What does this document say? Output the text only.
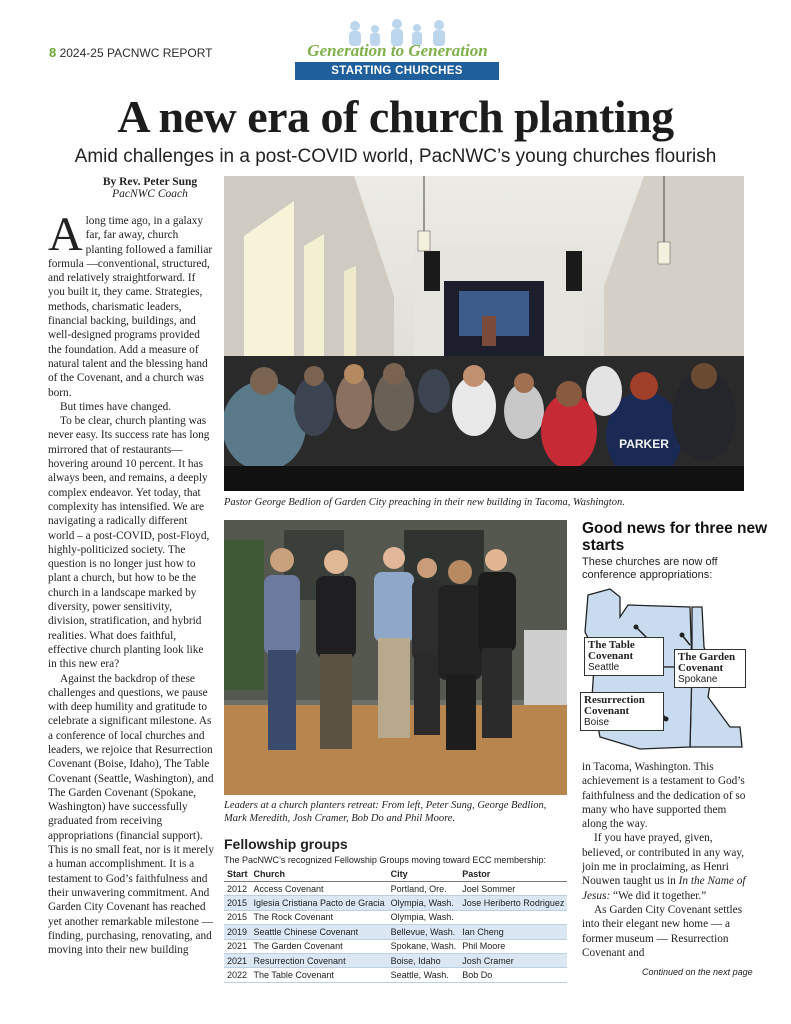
8 2024-25 PACNWC REPORT	Generation to Generation
STARTING CHURCHES
A new era of church planting
Amid challenges in a post-COVID world, PacNWC’s young churches flourish
By Rev. Peter Sung
PacNWC Coach

Along time ago, in a galaxy far, far away, church planting followed a familiar formula —conventional, structured, and relatively straightforward. If you built it, they came. Strategies, methods, charismatic leaders, financial backing, buildings, and well-designed programs provided the foundation. Add a measure of natural talent and the blessing hand of the Covenant, and a church was born.

But times have changed.

To be clear, church planting was never easy. Its success rate has long mirrored that of restaurants—hovering around 10 percent. It has always been, and remains, a deeply complex endeavor. Yet today, that complexity has intensified. We are navigating a radically different world – a post-COVID, post-Floyd, highly-politicized society. The question is no longer just how to plant a church, but how to be the church in a landscape marked by diversity, power sensitivity, division, stratification, and hybrid realities. What does faithful, effective church planting look like in this new era?

Against the backdrop of these challenges and questions, we pause with deep humility and gratitude to celebrate a significant milestone. As a conference of local churches and leaders, we rejoice that Resurrection Covenant (Boise, Idaho), The Table Covenant (Seattle, Washington), and The Garden Covenant (Spokane, Washington) have successfully graduated from receiving appropriations (financial support). This is no small feat, nor is it merely a human accomplishment. It is a testament to God’s faithfulness and their unwavering commitment. And Garden City Covenant has reached yet another remarkable milestone — finding, purchasing, renovating, and moving into their new building

PARKER
Pastor George Bedlion of Garden City preaching in their new building in Tacoma, Washington.
Leaders at a church planters retreat: From left, Peter Sung, George Bedlion, Mark Meredith, Josh Cramer, Bob Do and Phil Moore.
Fellowship groups
The PacNWC’s recognized Fellowship Groups moving toward ECC membership:
Start	Church	City	Pastor
2012	Access Covenant	Portland, Ore.	Joel Sommer
2015	Iglesia Cristiana Pacto de Gracia	Olympia, Wash.	Jose Heriberto Rodriguez
2015	The Rock Covenant	Olympia, Wash.	
2019	Seattle Chinese Covenant	Bellevue, Wash.	Ian Cheng
2021	The Garden Covenant	Spokane, Wash.	Phil Moore
2021	Resurrection Covenant	Boise, Idaho	Josh Cramer
2022	The Table Covenant	Seattle, Wash.	Bob Do
Good news for three new starts
These churches are now off conference appropriations:
The Table Covenant
Seattle
The Garden Covenant
Spokane
Resurrection Covenant
Boise

in Tacoma, Washington. This achievement is a testament to God’s faithfulness and the dedication of so many who have supported them along the way.

If you have prayed, given, believed, or contributed in any way, join me in proclaiming, as Henri Nouwen taught us in In the Name of Jesus: “We did it together.”

As Garden City Covenant settles into their elegant new home — a former museum — Resurrection Covenant and

Continued on the next page
